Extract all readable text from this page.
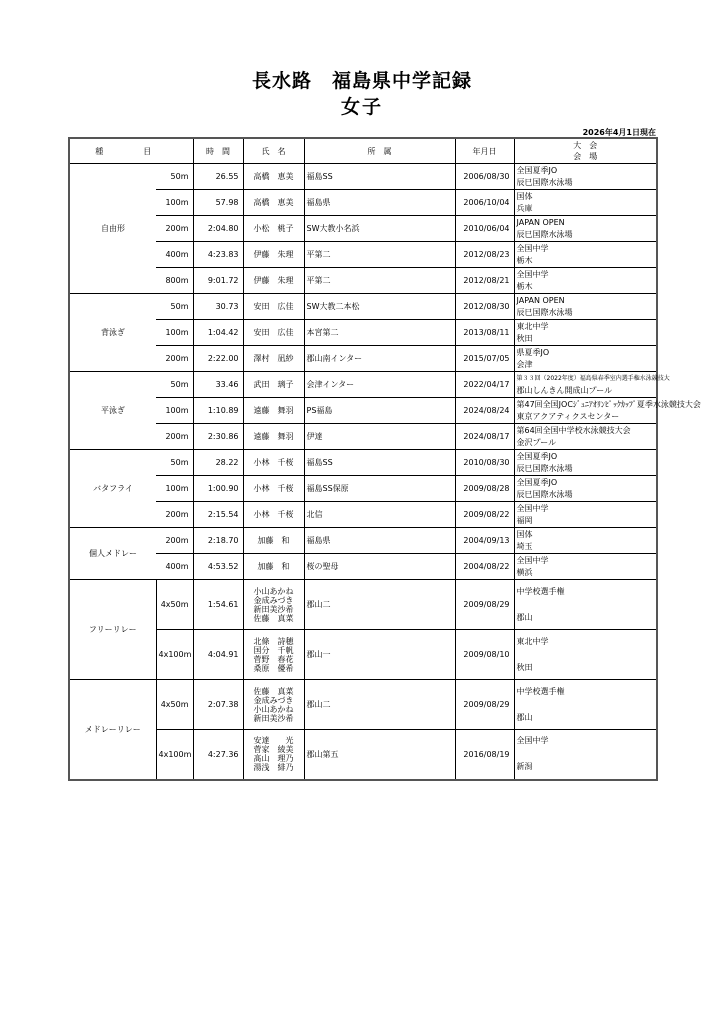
長水路　福島県中学記録
女子
2026年4月1日現在
種　目		時　間	氏　名	所　属	年月日	大　会
会　場

自由形	50m	26.55	高橋　恵美	福島SS	2006/08/30	全国夏季JO
辰巳国際水泳場

	100m	57.98	高橋　恵美	福島県	2006/10/04	国体
兵庫

	200m	2:04.80	小松　桃子	SW大教小名浜	2010/06/04	JAPAN OPEN
辰巳国際水泳場

	400m	4:23.83	伊藤　朱理	平第二	2012/08/23	全国中学
栃木

	800m	9:01.72	伊藤　朱理	平第二	2012/08/21	全国中学
栃木

背泳ぎ	50m	30.73	安田　広佳	SW大教二本松	2012/08/30	JAPAN OPEN
辰巳国際水泳場

	100m	1:04.42	安田　広佳	本宮第二	2013/08/11	東北中学
秋田

	200m	2:22.00	澤村　凪紗	郡山南インター	2015/07/05	県夏季JO
会津

平泳ぎ	50m	33.46	武田　璃子	会津インター	2022/04/17	第３３回（2022年度）福島県春季室内選手権水泳競技大
郡山しんきん開成山プール

	100m	1:10.89	遠藤　舞羽	PS福島	2024/08/24	第47回全国JOCｼﾞｭﾆｱｵﾘﾝﾋﾟｯｸｶｯﾌﾟ夏季水泳競技大会
東京アクアティクスセンター

	200m	2:30.86	遠藤　舞羽	伊達	2024/08/17	第64回全国中学校水泳競技大会
金沢プール

バタフライ	50m	28.22	小林　千桜	福島SS	2010/08/30	全国夏季JO
辰巳国際水泳場

	100m	1:00.90	小林　千桜	福島SS保原	2009/08/28	全国夏季JO
辰巳国際水泳場

	200m	2:15.54	小林　千桜	北信	2009/08/22	全国中学
福岡

個人メドレー	200m	2:18.70	加藤　和	福島県	2004/09/13	国体
埼玉

	400m	4:53.52	加藤　和	桜の聖母	2004/08/22	全国中学
横浜

フリーリレー	4x50m	1:54.61	小山あかね
金成みづき
新田美沙希
佐藤　真菜	郡山二	2009/08/29	中学校選手権
郡山

	4x100m	4:04.91	北條　詩穂
国分　千帆
菅野　春花
桑原　優希	郡山一	2009/08/10	東北中学
秋田

メドレーリレー	4x50m	2:07.38	佐藤　真菜
金成みづき
小山あかね
新田美沙希	郡山二	2009/08/29	中学校選手権
郡山

	4x100m	4:27.36	安達　　光
菅家　綾美
髙山　理乃
湯浅　緋乃	郡山第五	2016/08/19	全国中学
新潟
